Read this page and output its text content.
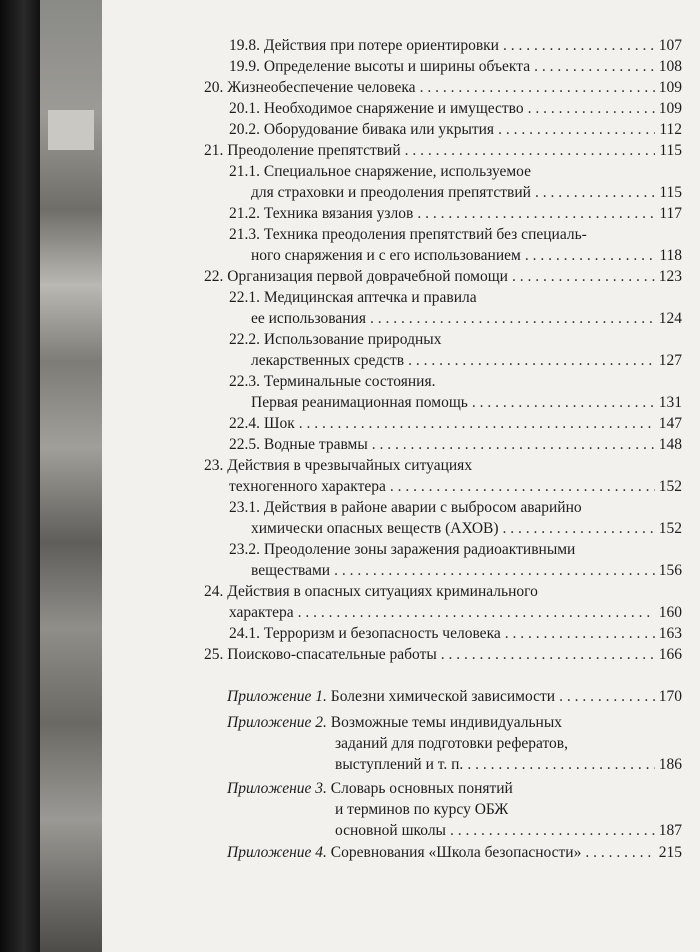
19.8. Действия при потере ориентировки . . .	107
19.9. Определение высоты и ширины объекта . . .	108
20. Жизнеобеспечение человека . . .	109
20.1. Необходимое снаряжение и имущество . . .	109
20.2. Оборудование бивака или укрытия . . .	112
21. Преодоление препятствий . . .	115
21.1. Специальное снаряжение, используемое
для страховки и преодоления препятствий . . .	115
21.2. Техника вязания узлов . . .	117
21.3. Техника преодоления препятствий без специаль-
ного снаряжения и с его использованием . . .	118
22. Организация первой доврачебной помощи . . .	123
22.1. Медицинская аптечка и правила
ее использования . . .	124
22.2. Использование природных
лекарственных средств . . .	127
22.3. Терминальные состояния.
Первая реанимационная помощь . . .	131
22.4. Шок . . .	147
22.5. Водные травмы . . .	148
23. Действия в чрезвычайных ситуациях
техногенного характера . . .	152
23.1. Действия в районе аварии с выбросом аварийно
химически опасных веществ (АХОВ) . . .	152
23.2. Преодоление зоны заражения радиоактивными
веществами . . .	156
24. Действия в опасных ситуациях криминального
характера . . .	160
24.1. Терроризм и безопасность человека . . .	163
25. Поисково-спасательные работы . . .	166
Приложение 1.
Болезни химической зависимости . . .	170
Приложение 2.
Возможные темы индивидуальных
заданий для подготовки рефератов,
выступлений и т. п. . . .	186
Приложение 3.
Словарь основных понятий
и терминов по курсу ОБЖ
основной школы . . .	187
Приложение 4.
Соревнования «Школа безопасности» . . .	215
